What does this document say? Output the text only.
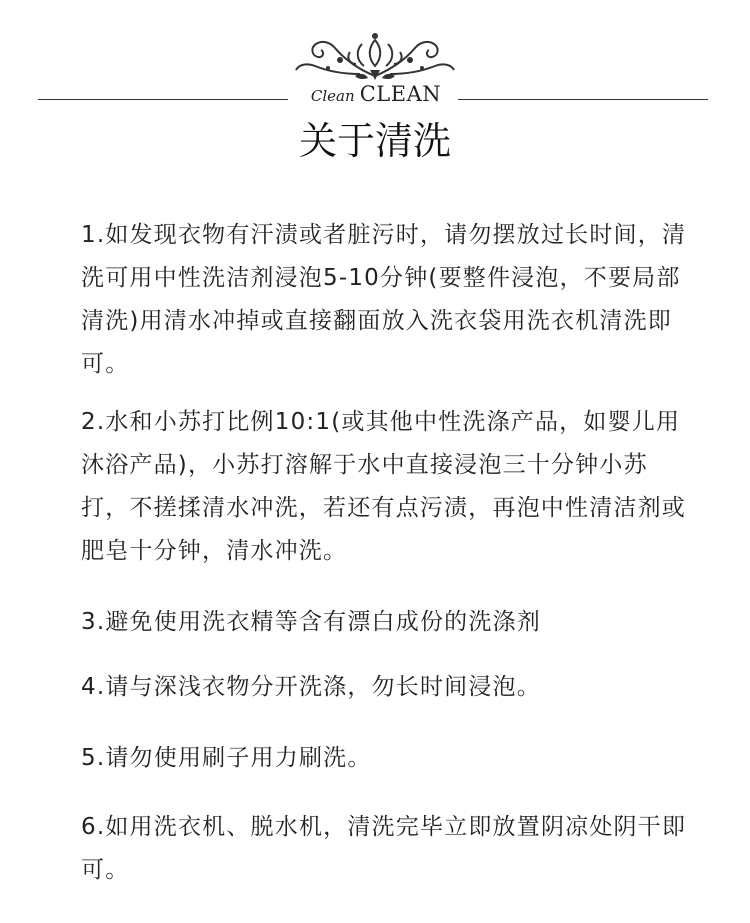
Clean CLEAN
关于清洗

1.如发现衣物有汗渍或者脏污时，请勿摆放过长时间，清洗可用中性洗洁剂浸泡5-10分钟(要整件浸泡，不要局部清洗)用清水冲掉或直接翻面放入洗衣袋用洗衣机清洗即可。

2.水和小苏打比例10:1(或其他中性洗涤产品，如婴儿用沐浴产品)，小苏打溶解于水中直接浸泡三十分钟小苏打，不搓揉清水冲洗，若还有点污渍，再泡中性清洁剂或肥皂十分钟，清水冲洗。

3.避免使用洗衣精等含有漂白成份的洗涤剂

4.请与深浅衣物分开洗涤，勿长时间浸泡。

5.请勿使用刷子用力刷洗。

6.如用洗衣机、脱水机，清洗完毕立即放置阴凉处阴干即可。
